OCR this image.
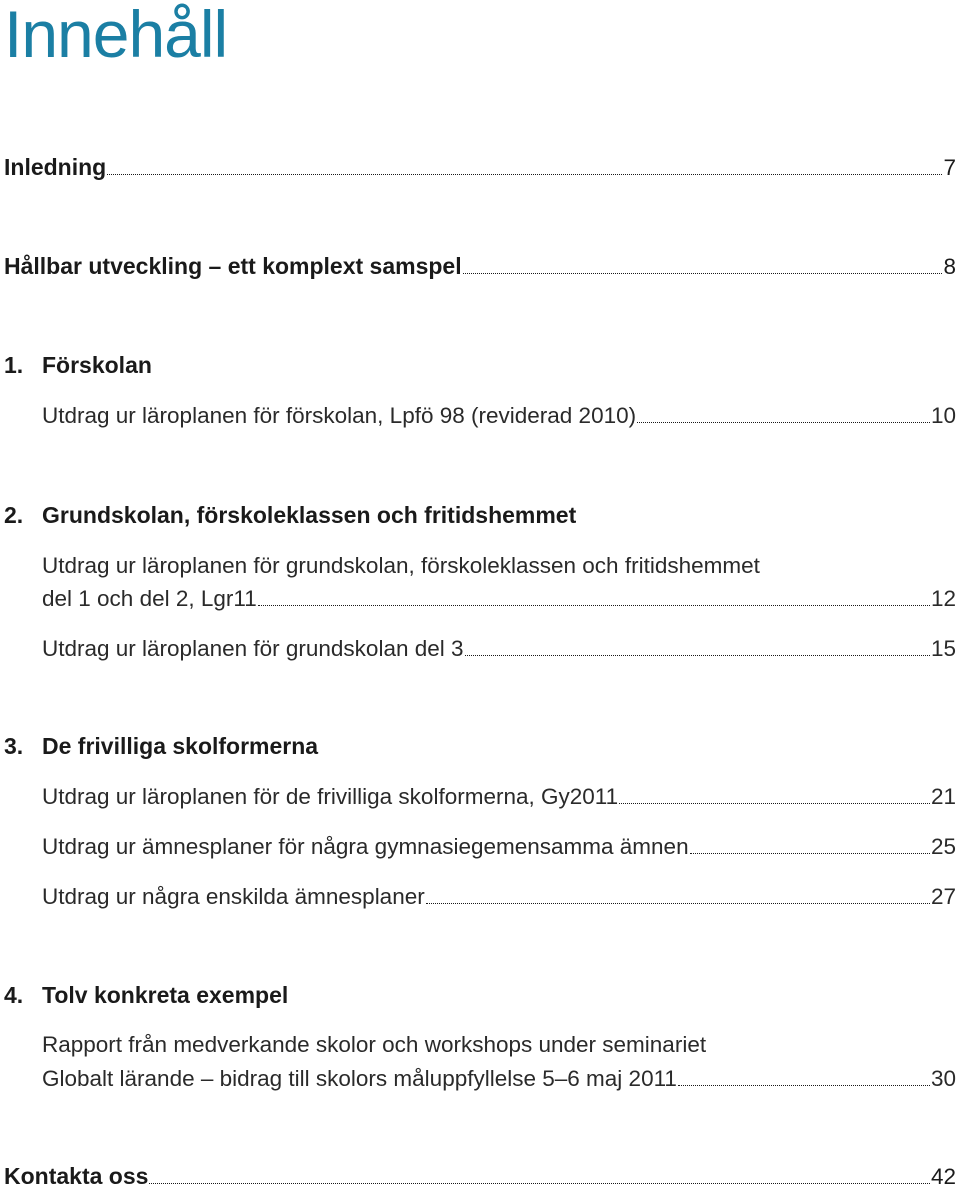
Innehåll
Inledning	7
Hållbar utveckling – ett komplext samspel	8
1. Förskolan
Utdrag ur läroplanen för förskolan, Lpfö 98 (reviderad 2010)	10
2. Grundskolan, förskoleklassen och fritidshemmet
Utdrag ur läroplanen för grundskolan, förskoleklassen och fritidshemmet
del 1 och del 2, Lgr11	12
Utdrag ur läroplanen för grundskolan del 3	15
3. De frivilliga skolformerna
Utdrag ur läroplanen för de frivilliga skolformerna, Gy2011	21
Utdrag ur ämnesplaner för några gymnasiegemensamma ämnen	25
Utdrag ur några enskilda ämnesplaner	27
4. Tolv konkreta exempel
Rapport från medverkande skolor och workshops under seminariet
Globalt lärande – bidrag till skolors måluppfyllelse 5–6 maj 2011	30
Kontakta oss	42
